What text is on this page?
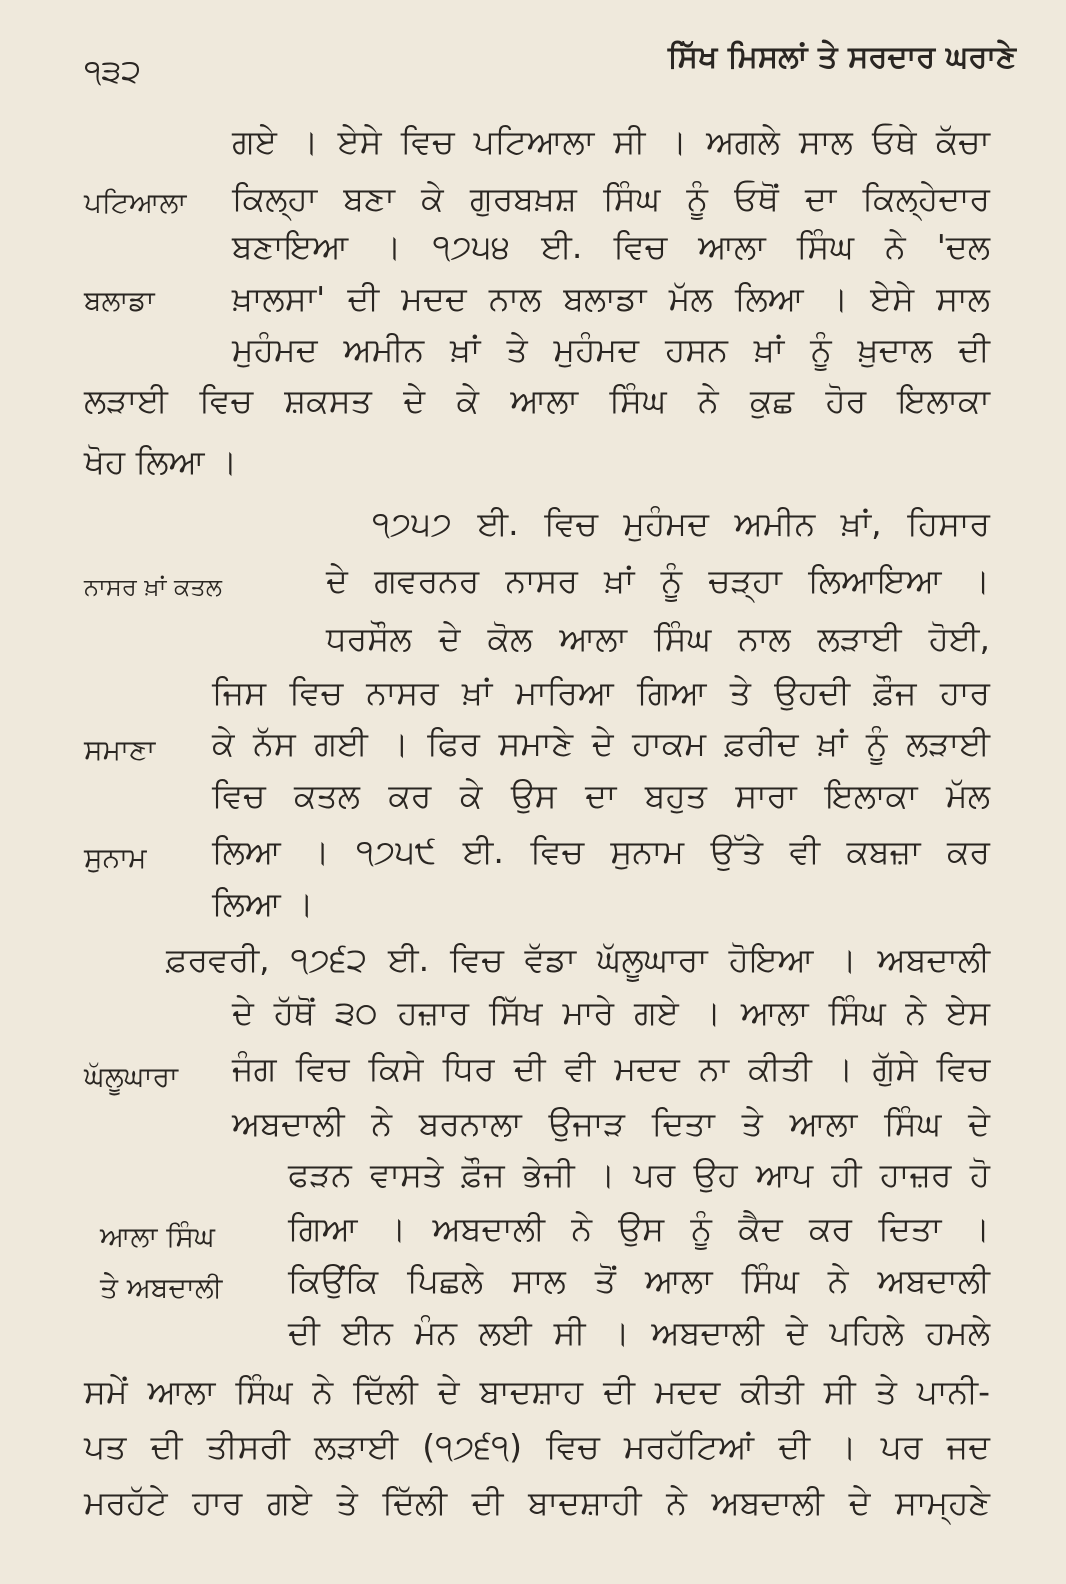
੧੩੨	ਸਿੱਖ ਮਿਸਲਾਂ ਤੇ ਸਰਦਾਰ ਘਰਾਣੇ
ਪਟਿਆਲਾ
ਬਲਾਡਾ
ਨਾਸਰ ਖ਼ਾਂ ਕਤਲ
ਸਮਾਣਾ
ਸੁਨਾਮ
ਘੱਲੂਘਾਰਾ
ਆਲਾ ਸਿੰਘ
ਤੇ ਅਬਦਾਲੀ
ਗਏ । ਏਸੇ ਵਿਚ ਪਟਿਆਲਾ ਸੀ । ਅਗਲੇ ਸਾਲ ਓਥੇ ਕੱਚਾ
ਕਿਲ੍ਹਾ ਬਣਾ ਕੇ ਗੁਰਬਖ਼ਸ਼ ਸਿੰਘ ਨੂੰ ਓਥੋਂ ਦਾ ਕਿਲ੍ਹੇਦਾਰ
ਬਣਾਇਆ । ੧੭੫੪ ਈ. ਵਿਚ ਆਲਾ ਸਿੰਘ ਨੇ 'ਦਲ
ਖ਼ਾਲਸਾ' ਦੀ ਮਦਦ ਨਾਲ ਬਲਾਡਾ ਮੱਲ ਲਿਆ । ਏਸੇ ਸਾਲ
ਮੁਹੰਮਦ ਅਮੀਨ ਖ਼ਾਂ ਤੇ ਮੁਹੰਮਦ ਹਸਨ ਖ਼ਾਂ ਨੂੰ ਖ਼ੁਦਾਲ ਦੀ
ਲੜਾਈ ਵਿਚ ਸ਼ਕਸਤ ਦੇ ਕੇ ਆਲਾ ਸਿੰਘ ਨੇ ਕੁਛ ਹੋਰ ਇਲਾਕਾ
ਖੋਹ ਲਿਆ ।
੧੭੫੭ ਈ. ਵਿਚ ਮੁਹੰਮਦ ਅਮੀਨ ਖ਼ਾਂ, ਹਿਸਾਰ
ਦੇ ਗਵਰਨਰ ਨਾਸਰ ਖ਼ਾਂ ਨੂੰ ਚੜ੍ਹਾ ਲਿਆਇਆ ।
ਧਰਸੌਲ ਦੇ ਕੋਲ ਆਲਾ ਸਿੰਘ ਨਾਲ ਲੜਾਈ ਹੋਈ,
ਜਿਸ ਵਿਚ ਨਾਸਰ ਖ਼ਾਂ ਮਾਰਿਆ ਗਿਆ ਤੇ ਉਹਦੀ ਫ਼ੌਜ ਹਾਰ
ਕੇ ਨੱਸ ਗਈ । ਫਿਰ ਸਮਾਣੇ ਦੇ ਹਾਕਮ ਫ਼ਰੀਦ ਖ਼ਾਂ ਨੂੰ ਲੜਾਈ
ਵਿਚ ਕਤਲ ਕਰ ਕੇ ਉਸ ਦਾ ਬਹੁਤ ਸਾਰਾ ਇਲਾਕਾ ਮੱਲ
ਲਿਆ । ੧੭੫੯ ਈ. ਵਿਚ ਸੁਨਾਮ ਉੱਤੇ ਵੀ ਕਬਜ਼ਾ ਕਰ
ਲਿਆ ।
ਫ਼ਰਵਰੀ, ੧੭੬੨ ਈ. ਵਿਚ ਵੱਡਾ ਘੱਲੂਘਾਰਾ ਹੋਇਆ । ਅਬਦਾਲੀ
ਦੇ ਹੱਥੋਂ ੩੦ ਹਜ਼ਾਰ ਸਿੱਖ ਮਾਰੇ ਗਏ । ਆਲਾ ਸਿੰਘ ਨੇ ਏਸ
ਜੰਗ ਵਿਚ ਕਿਸੇ ਧਿਰ ਦੀ ਵੀ ਮਦਦ ਨਾ ਕੀਤੀ । ਗੁੱਸੇ ਵਿਚ
ਅਬਦਾਲੀ ਨੇ ਬਰਨਾਲਾ ਉਜਾੜ ਦਿਤਾ ਤੇ ਆਲਾ ਸਿੰਘ ਦੇ
ਫੜਨ ਵਾਸਤੇ ਫ਼ੌਜ ਭੇਜੀ । ਪਰ ਉਹ ਆਪ ਹੀ ਹਾਜ਼ਰ ਹੋ
ਗਿਆ । ਅਬਦਾਲੀ ਨੇ ਉਸ ਨੂੰ ਕੈਦ ਕਰ ਦਿਤਾ ।
ਕਿਉਂਕਿ ਪਿਛਲੇ ਸਾਲ ਤੋਂ ਆਲਾ ਸਿੰਘ ਨੇ ਅਬਦਾਲੀ
ਦੀ ਈਨ ਮੰਨ ਲਈ ਸੀ । ਅਬਦਾਲੀ ਦੇ ਪਹਿਲੇ ਹਮਲੇ
ਸਮੇਂ ਆਲਾ ਸਿੰਘ ਨੇ ਦਿੱਲੀ ਦੇ ਬਾਦਸ਼ਾਹ ਦੀ ਮਦਦ ਕੀਤੀ ਸੀ ਤੇ ਪਾਨੀ-
ਪਤ ਦੀ ਤੀਸਰੀ ਲੜਾਈ (੧੭੬੧) ਵਿਚ ਮਰਹੱਟਿਆਂ ਦੀ । ਪਰ ਜਦ
ਮਰਹੱਟੇ ਹਾਰ ਗਏ ਤੇ ਦਿੱਲੀ ਦੀ ਬਾਦਸ਼ਾਹੀ ਨੇ ਅਬਦਾਲੀ ਦੇ ਸਾਮ੍ਹਣੇ
